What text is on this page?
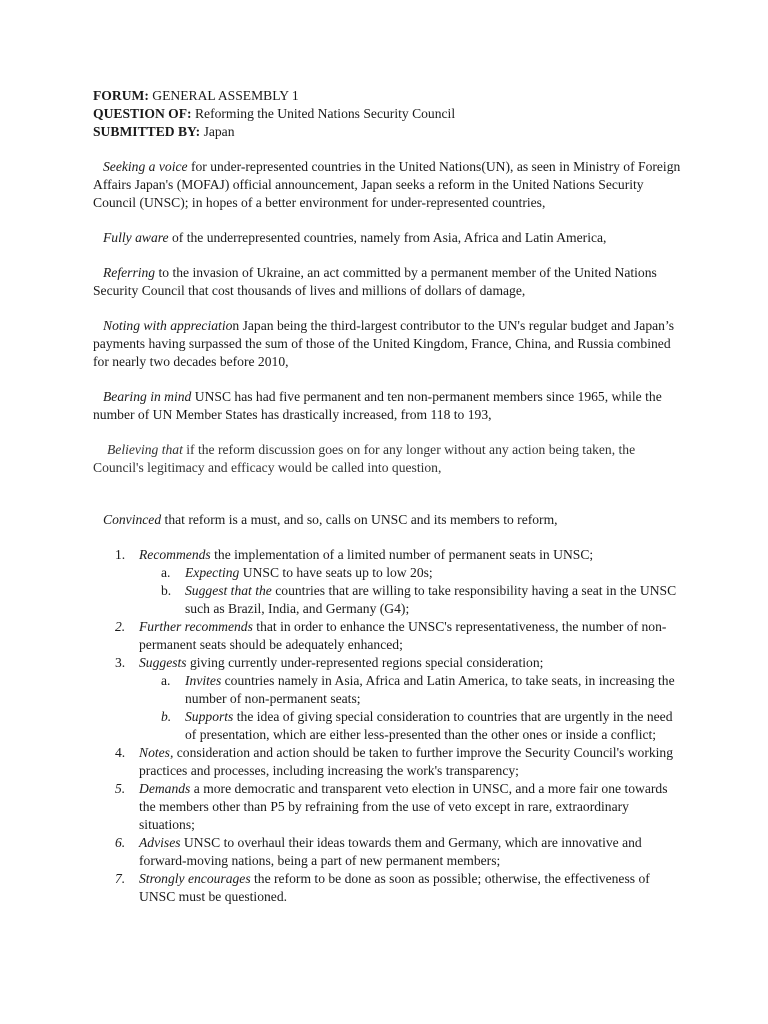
FORUM: GENERAL ASSEMBLY 1

QUESTION OF: Reforming the United Nations Security Council

SUBMITTED BY: Japan

Seeking a voice for under-represented countries in the United Nations(UN), as seen in Ministry of Foreign Affairs Japan's (MOFAJ) official announcement, Japan seeks a reform in the United Nations Security Council (UNSC); in hopes of a better environment for under-represented countries,

Fully aware of the underrepresented countries, namely from Asia, Africa and Latin America,

Referring to the invasion of Ukraine, an act committed by a permanent member of the United Nations Security Council that cost thousands of lives and millions of dollars of damage,

Noting with appreciation Japan being the third-largest contributor to the UN's regular budget and Japan’s payments having surpassed the sum of those of the United Kingdom, France, China, and Russia combined for nearly two decades before 2010,

Bearing in mind UNSC has had five permanent and ten non-permanent members since 1965, while the number of UN Member States has drastically increased, from 118 to 193,

Believing that if the reform discussion goes on for any longer without any action being taken, the Council's legitimacy and efficacy would be called into question,

Convinced that reform is a must, and so, calls on UNSC and its members to reform,

1. Recommends the implementation of a limited number of permanent seats in UNSC;
a. Expecting UNSC to have seats up to low 20s;
b. Suggest that the countries that are willing to take responsibility having a seat in the UNSC such as Brazil, India, and Germany (G4);
2. Further recommends that in order to enhance the UNSC's representativeness, the number of non-permanent seats should be adequately enhanced;
3. Suggests giving currently under-represented regions special consideration;
a. Invites countries namely in Asia, Africa and Latin America, to take seats, in increasing the number of non-permanent seats;
b. Supports the idea of giving special consideration to countries that are urgently in the need of presentation, which are either less-presented than the other ones or inside a conflict;
4. Notes, consideration and action should be taken to further improve the Security Council's working practices and processes, including increasing the work's transparency;
5. Demands a more democratic and transparent veto election in UNSC, and a more fair one towards the members other than P5 by refraining from the use of veto except in rare, extraordinary situations;
6. Advises UNSC to overhaul their ideas towards them and Germany, which are innovative and forward-moving nations, being a part of new permanent members;
7. Strongly encourages the reform to be done as soon as possible; otherwise, the effectiveness of UNSC must be questioned.
